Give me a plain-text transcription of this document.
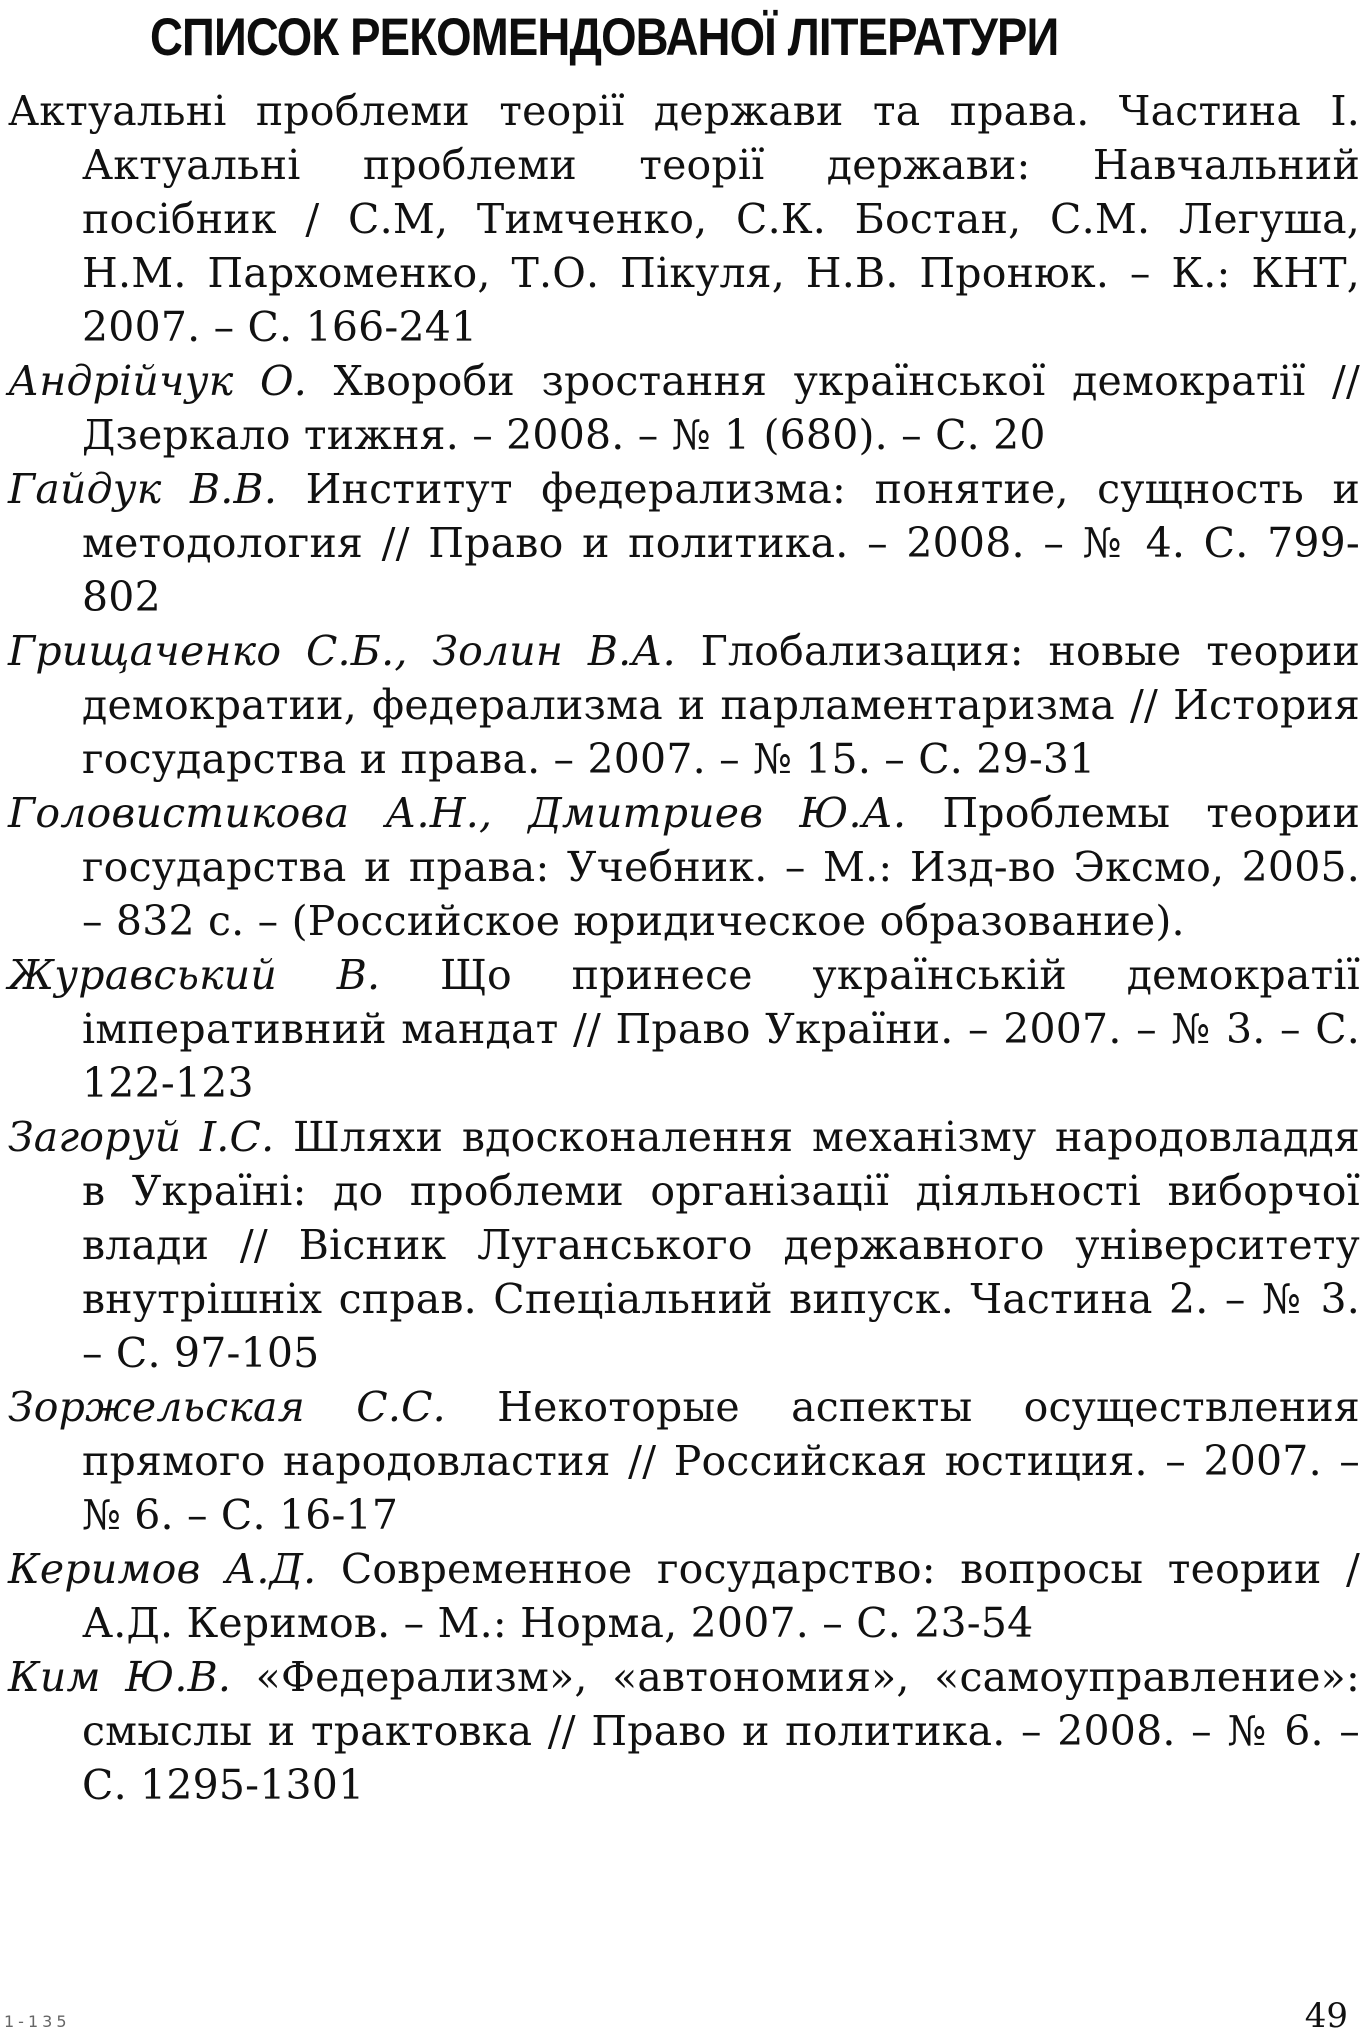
СПИСОК РЕКОМЕНДОВАНОЇ ЛІТЕРАТУРИ
Актуальні проблеми теорії держави та права. Частина I. Актуальні проблеми теорії держави: Навчальний посібник / С.М, Тимченко, С.К. Бостан, С.М. Легуша, Н.М. Пархоменко, Т.О. Пікуля, Н.В. Пронюк. – К.: КНТ, 2007. – С. 166-241
Андрійчук О. Хвороби зростання української демократії // Дзеркало тижня. – 2008. – № 1 (680). – С. 20
Гайдук В.В. Институт федерализма: понятие, сущность и методология // Право и политика. – 2008. – № 4. С. 799-802
Грищаченко С.Б., Золин В.А. Глобализация: новые теории демократии, федерализма и парламентаризма // История государства и права. – 2007. – № 15. – С. 29-31
Головистикова А.Н., Дмитриев Ю.А. Проблемы теории государства и права: Учебник. – М.: Изд-во Эксмо, 2005. – 832 с. – (Российское юридическое образование).
Журавський В. Що принесе українській демократії імперативний мандат // Право України. – 2007. – № 3. – С. 122-123
Загоруй І.С. Шляхи вдосконалення механізму народовладдя в Україні: до проблеми організації діяльності виборчої влади // Вісник Луганського державного університету внутрішніх справ. Спеціальний випуск. Частина 2. – № 3. – С. 97-105
Зоржельская С.С. Некоторые аспекты осуществления прямого народовластия // Российская юстиция. – 2007. – № 6. – С. 16-17
Керимов А.Д. Современное государство: вопросы теории / А.Д. Керимов. – М.: Норма, 2007. – С. 23-54
Ким Ю.В. «Федерализм», «автономия», «самоуправление»: смыслы и трактовка // Право и политика. – 2008. – № 6. – С. 1295-1301
1-135	49
